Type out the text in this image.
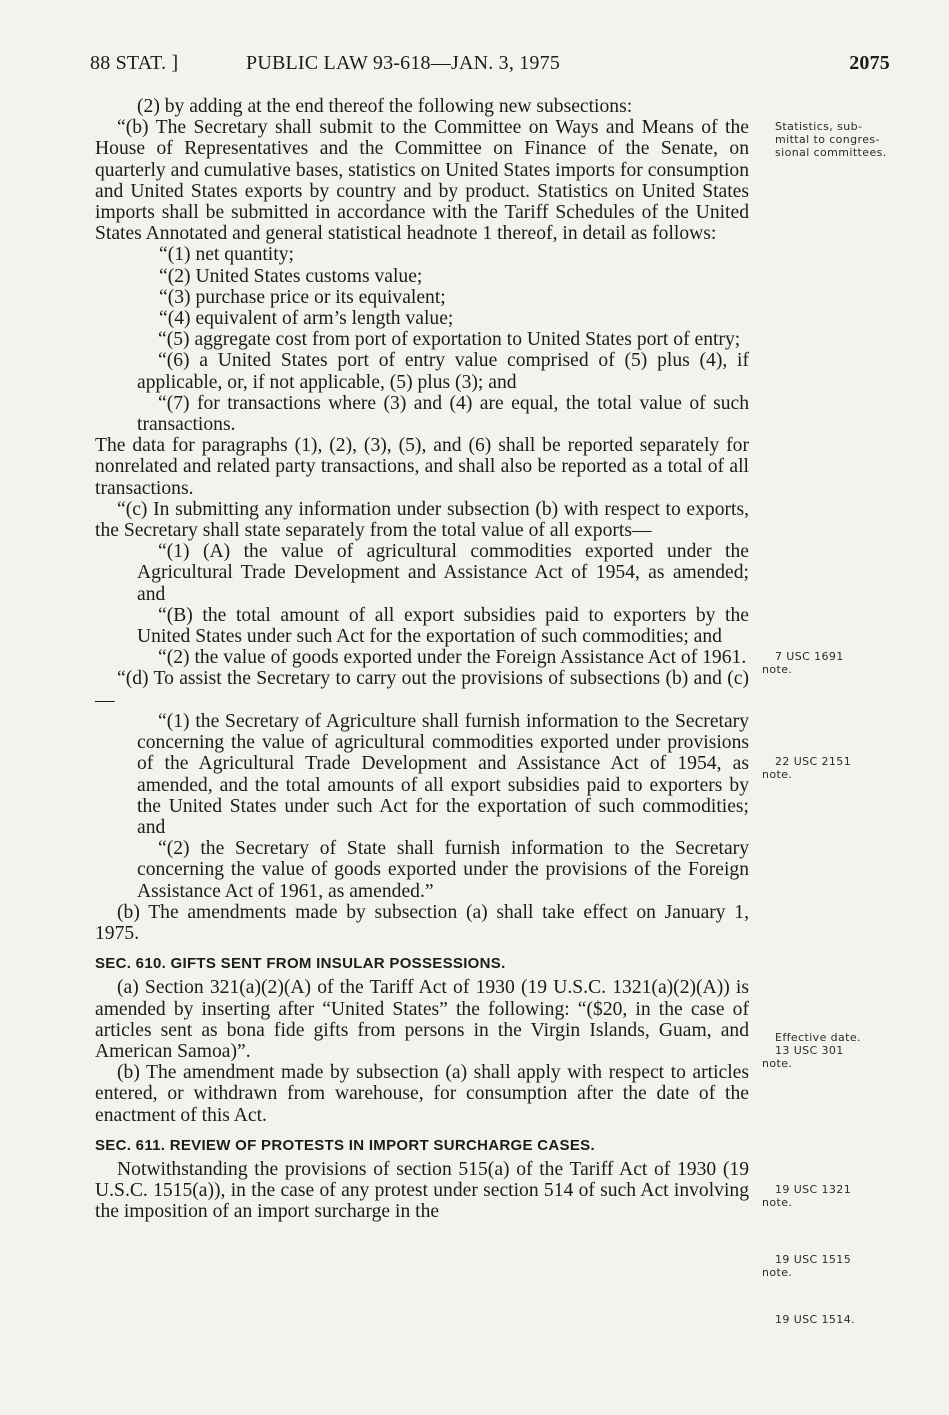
88 STAT. ]	PUBLIC LAW 93-618—JAN. 3, 1975	2075

(2) by adding at the end thereof the following new subsections:

“(b) The Secretary shall submit to the Committee on Ways and Means of the House of Representatives and the Committee on Finance of the Senate, on quarterly and cumulative bases, statistics on United States imports for consumption and United States exports by country and by product. Statistics on United States imports shall be submitted in accordance with the Tariff Schedules of the United States Annotated and general statistical headnote 1 thereof, in detail as follows:

“(1) net quantity;

“(2) United States customs value;

“(3) purchase price or its equivalent;

“(4) equivalent of arm’s length value;

“(5) aggregate cost from port of exportation to United States port of entry;

“(6) a United States port of entry value comprised of (5) plus (4), if applicable, or, if not applicable, (5) plus (3); and

“(7) for transactions where (3) and (4) are equal, the total value of such transactions.

The data for paragraphs (1), (2), (3), (5), and (6) shall be reported separately for nonrelated and related party transactions, and shall also be reported as a total of all transactions.

“(c) In submitting any information under subsection (b) with respect to exports, the Secretary shall state separately from the total value of all exports—

“(1) (A) the value of agricultural commodities exported under the Agricultural Trade Development and Assistance Act of 1954, as amended; and

“(B) the total amount of all export subsidies paid to exporters by the United States under such Act for the exportation of such commodities; and

“(2) the value of goods exported under the Foreign Assistance Act of 1961.

“(d) To assist the Secretary to carry out the provisions of subsections (b) and (c)—

“(1) the Secretary of Agriculture shall furnish information to the Secretary concerning the value of agricultural commodities exported under provisions of the Agricultural Trade Development and Assistance Act of 1954, as amended, and the total amounts of all export subsidies paid to exporters by the United States under such Act for the exportation of such commodities; and

“(2) the Secretary of State shall furnish information to the Secretary concerning the value of goods exported under the provisions of the Foreign Assistance Act of 1961, as amended.”

(b) The amendments made by subsection (a) shall take effect on January 1, 1975.

SEC. 610. GIFTS SENT FROM INSULAR POSSESSIONS.

(a) Section 321(a)(2)(A) of the Tariff Act of 1930 (19 U.S.C. 1321(a)(2)(A)) is amended by inserting after “United States” the following: “($20, in the case of articles sent as bona fide gifts from persons in the Virgin Islands, Guam, and American Samoa)”.

(b) The amendment made by subsection (a) shall apply with respect to articles entered, or withdrawn from warehouse, for consumption after the date of the enactment of this Act.

SEC. 611. REVIEW OF PROTESTS IN IMPORT SURCHARGE CASES.

Notwithstanding the provisions of section 515(a) of the Tariff Act of 1930 (19 U.S.C. 1515(a)), in the case of any protest under section 514 of such Act involving the imposition of an import surcharge in the

Statistics, sub-
mittal to congres-
sional committees.
7 USC 1691
note.
22 USC 2151
note.
Effective date.
13 USC 301
note.
19 USC 1321
note.
19 USC 1515
note.
19 USC 1514.
